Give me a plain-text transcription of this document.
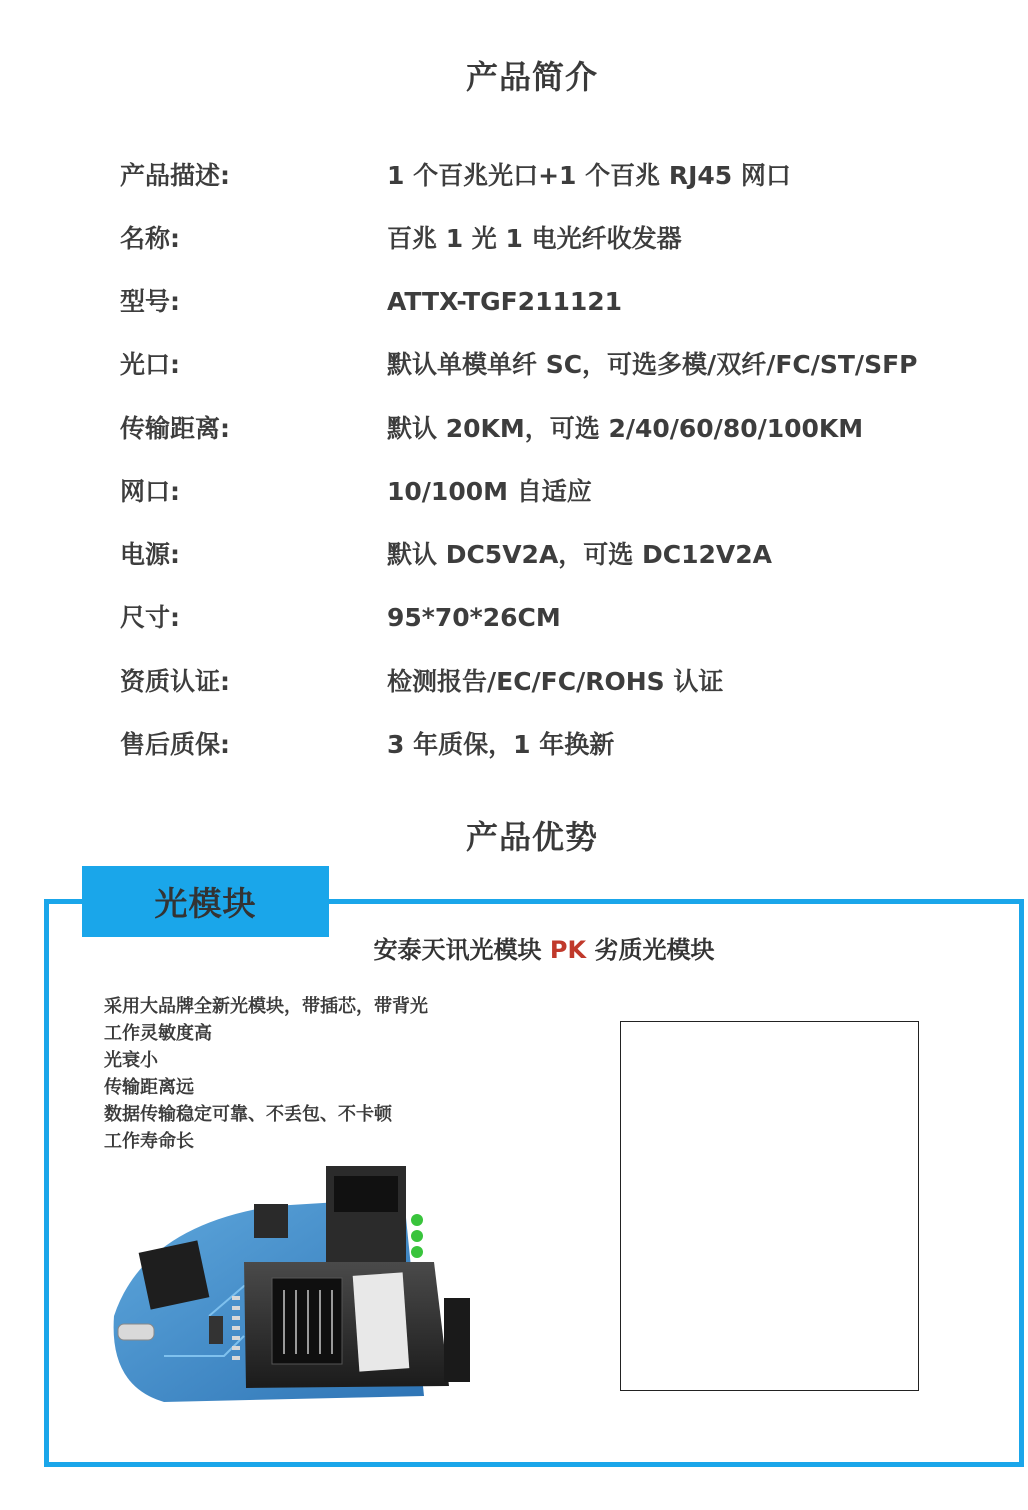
产品简介
产品描述:	1 个百兆光口+1 个百兆 RJ45 网口
名称:	百兆 1 光 1 电光纤收发器
型号:	ATTX-TGF211121
光口:	默认单模单纤 SC，可选多模/双纤/FC/ST/SFP
传输距离:	默认 20KM，可选 2/40/60/80/100KM
网口:	10/100M 自适应
电源:	默认 DC5V2A，可选 DC12V2A
尺寸:	95*70*26CM
资质认证:	检测报告/EC/FC/ROHS 认证
售后质保:	3 年质保，1 年换新
产品优势
光模块
安泰天讯光模块 PK 劣质光模块
采用大品牌全新光模块，带插芯，带背光
工作灵敏度高
光衰小
传输距离远
数据传输稳定可靠、不丢包、不卡顿
工作寿命长
